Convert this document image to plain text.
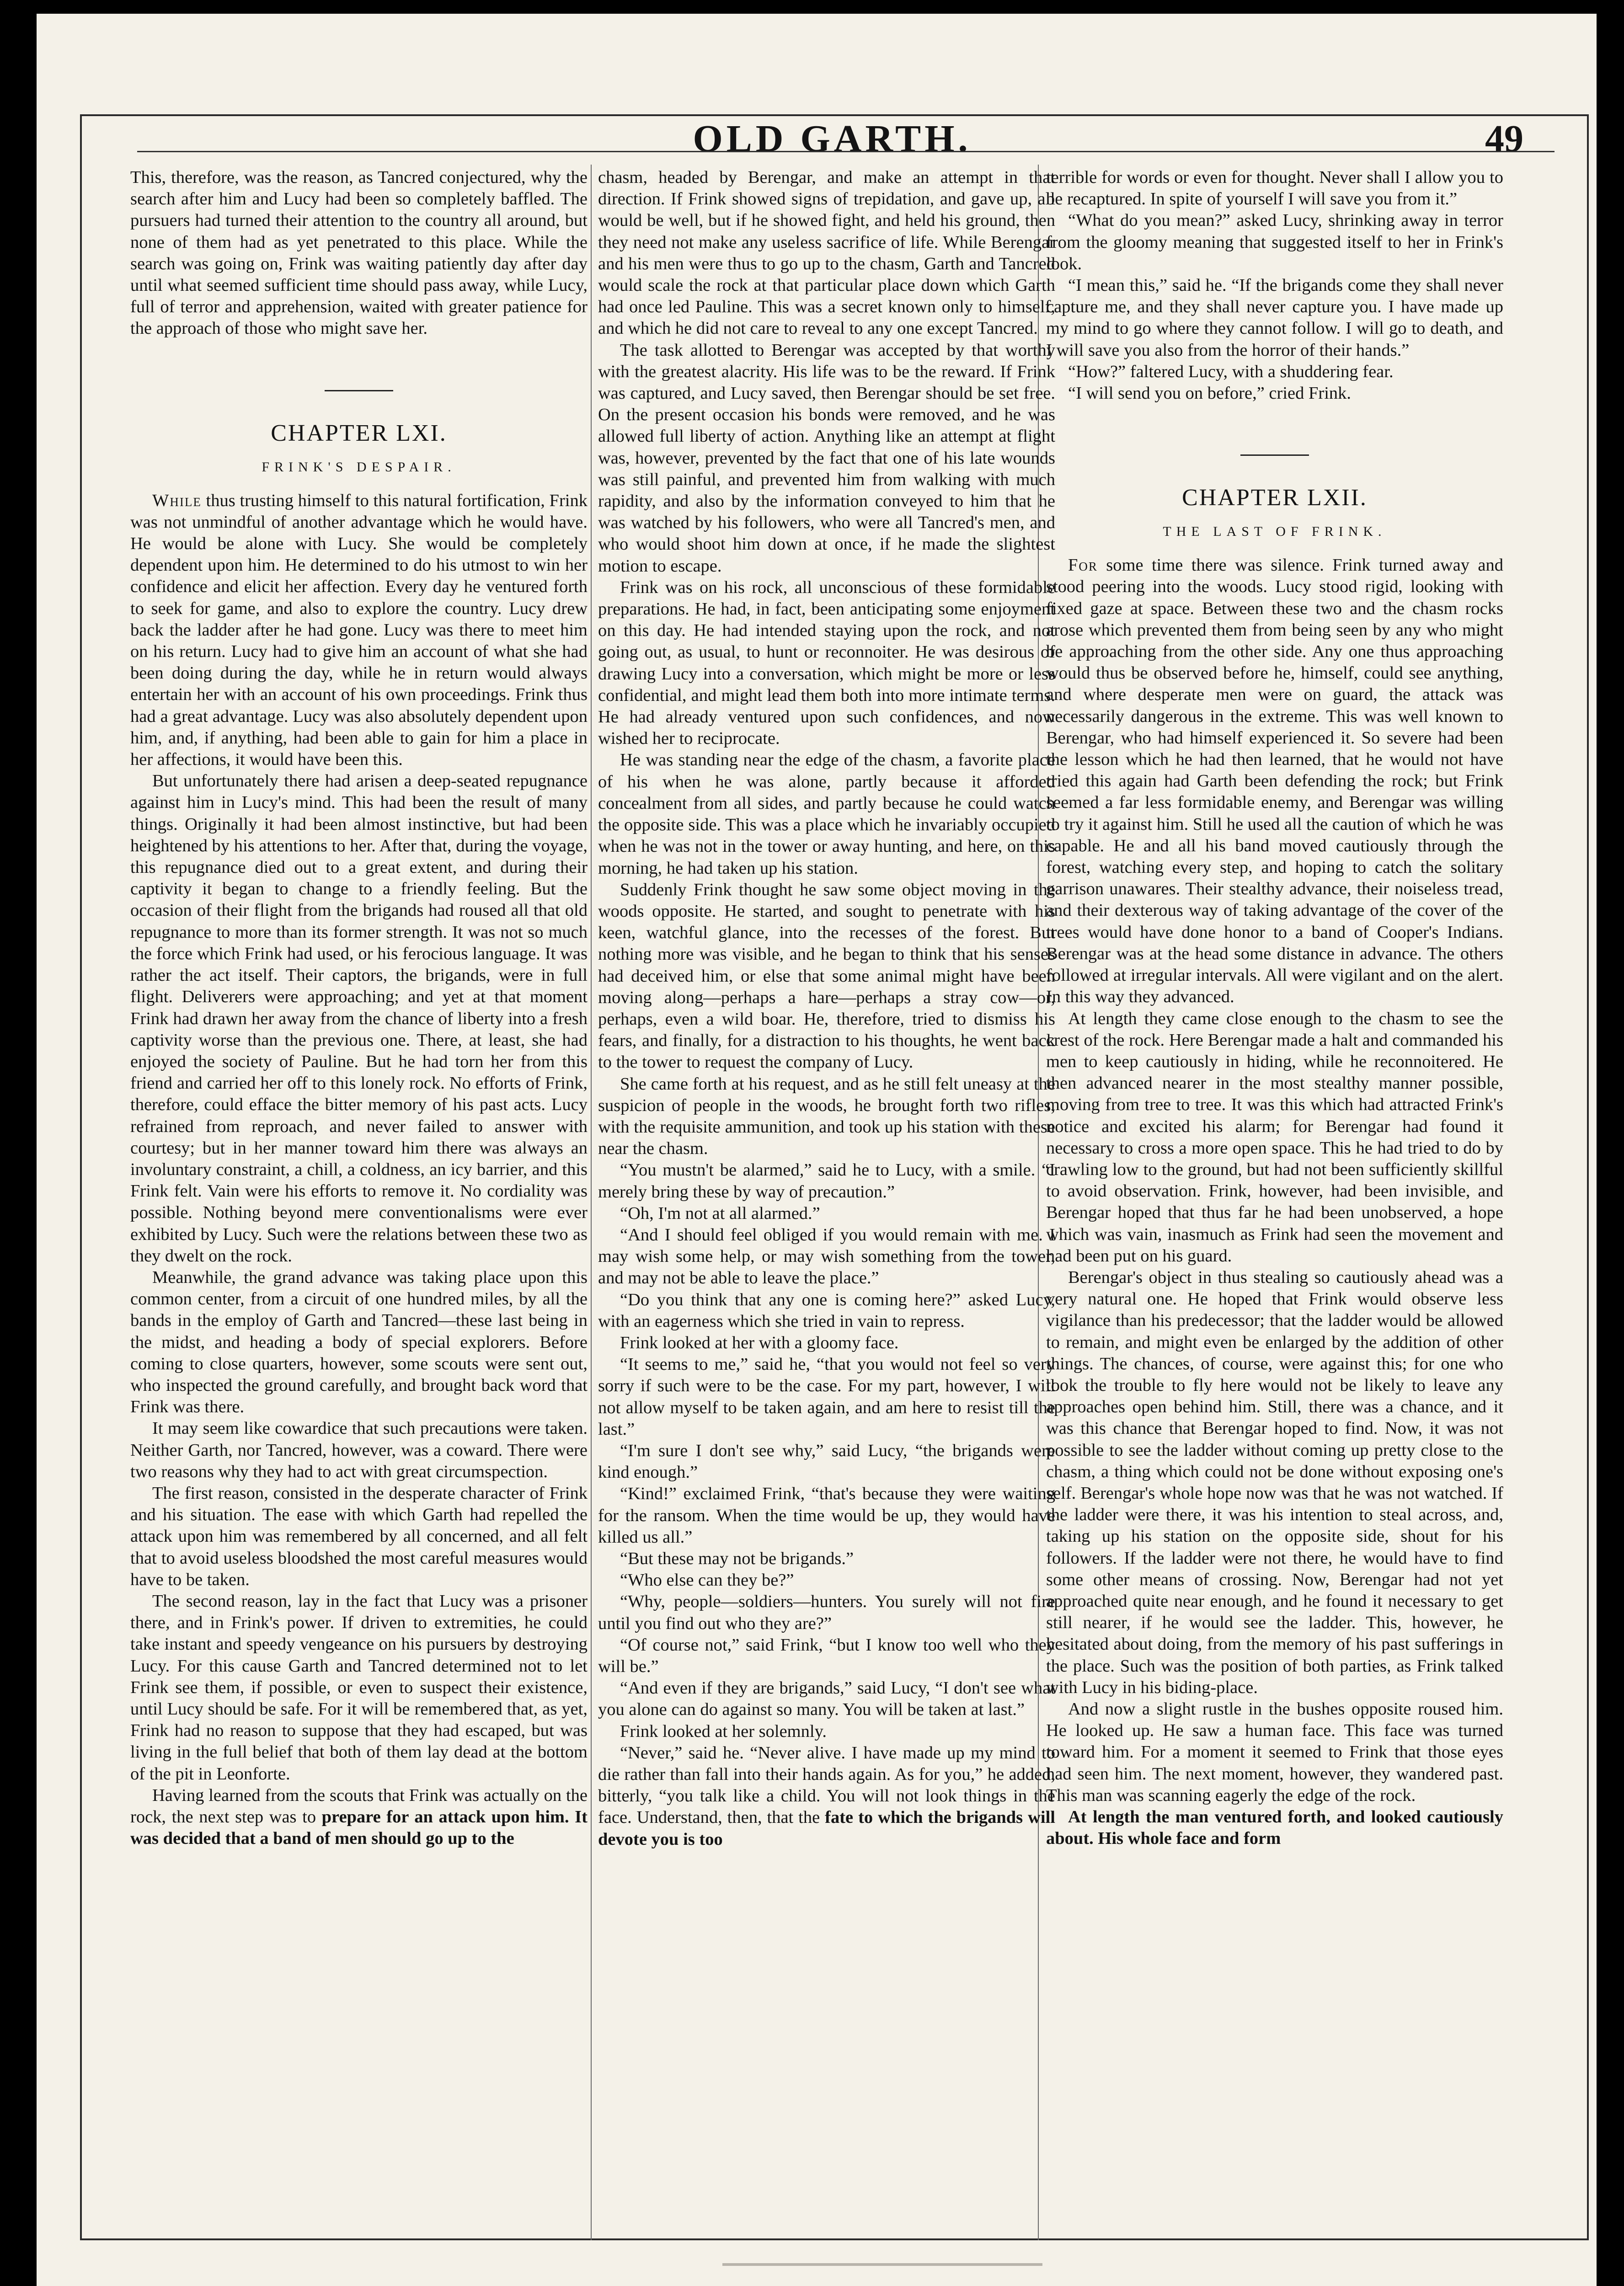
OLD GARTH.	49

This, therefore, was the reason, as Tancred conjectured, why the search after him and Lucy had been so completely baffled. The pursuers had turned their attention to the country all around, but none of them had as yet penetrated to this place. While the search was going on, Frink was waiting patiently day after day until what seemed sufficient time should pass away, while Lucy, full of terror and apprehension, waited with greater patience for the approach of those who might save her.

CHAPTER LXI.
FRINK'S DESPAIR.

While thus trusting himself to this natural fortification, Frink was not unmindful of another advantage which he would have. He would be alone with Lucy. She would be completely dependent upon him. He determined to do his utmost to win her confidence and elicit her affection. Every day he ventured forth to seek for game, and also to explore the country. Lucy drew back the ladder after he had gone. Lucy was there to meet him on his return. Lucy had to give him an account of what she had been doing during the day, while he in return would always entertain her with an account of his own proceedings. Frink thus had a great advantage. Lucy was also absolutely dependent upon him, and, if anything, had been able to gain for him a place in her affections, it would have been this.

But unfortunately there had arisen a deep-seated repugnance against him in Lucy's mind. This had been the result of many things. Originally it had been almost instinctive, but had been heightened by his attentions to her. After that, during the voyage, this repugnance died out to a great extent, and during their captivity it began to change to a friendly feeling. But the occasion of their flight from the brigands had roused all that old repugnance to more than its former strength. It was not so much the force which Frink had used, or his ferocious language. It was rather the act itself. Their captors, the brigands, were in full flight. Deliverers were approaching; and yet at that moment Frink had drawn her away from the chance of liberty into a fresh captivity worse than the previous one. There, at least, she had enjoyed the society of Pauline. But he had torn her from this friend and carried her off to this lonely rock. No efforts of Frink, therefore, could efface the bitter memory of his past acts. Lucy refrained from reproach, and never failed to answer with courtesy; but in her manner toward him there was always an involuntary constraint, a chill, a coldness, an icy barrier, and this Frink felt. Vain were his efforts to remove it. No cordiality was possible. Nothing beyond mere conventionalisms were ever exhibited by Lucy. Such were the relations between these two as they dwelt on the rock.

Meanwhile, the grand advance was taking place upon this common center, from a circuit of one hundred miles, by all the bands in the employ of Garth and Tancred—these last being in the midst, and heading a body of special explorers. Before coming to close quarters, however, some scouts were sent out, who inspected the ground carefully, and brought back word that Frink was there.

It may seem like cowardice that such precautions were taken. Neither Garth, nor Tancred, however, was a coward. There were two reasons why they had to act with great circumspection.

The first reason, consisted in the desperate character of Frink and his situation. The ease with which Garth had repelled the attack upon him was remembered by all concerned, and all felt that to avoid useless bloodshed the most careful measures would have to be taken.

The second reason, lay in the fact that Lucy was a prisoner there, and in Frink's power. If driven to extremities, he could take instant and speedy vengeance on his pursuers by destroying Lucy. For this cause Garth and Tancred determined not to let Frink see them, if possible, or even to suspect their existence, until Lucy should be safe. For it will be remembered that, as yet, Frink had no reason to suppose that they had escaped, but was living in the full belief that both of them lay dead at the bottom of the pit in Leonforte.

Having learned from the scouts that Frink was actually on the rock, the next step was to prepare for an attack upon him. It was decided that a band of men should go up to the

chasm, headed by Berengar, and make an attempt in that direction. If Frink showed signs of trepidation, and gave up, all would be well, but if he showed fight, and held his ground, then they need not make any useless sacrifice of life. While Berengar and his men were thus to go up to the chasm, Garth and Tancred would scale the rock at that particular place down which Garth had once led Pauline. This was a secret known only to himself, and which he did not care to reveal to any one except Tancred.

The task allotted to Berengar was accepted by that worthy with the greatest alacrity. His life was to be the reward. If Frink was captured, and Lucy saved, then Berengar should be set free. On the present occasion his bonds were removed, and he was allowed full liberty of action. Anything like an attempt at flight was, however, prevented by the fact that one of his late wounds was still painful, and prevented him from walking with much rapidity, and also by the information conveyed to him that he was watched by his followers, who were all Tancred's men, and who would shoot him down at once, if he made the slightest motion to escape.

Frink was on his rock, all unconscious of these formidable preparations. He had, in fact, been anticipating some enjoyment on this day. He had intended staying upon the rock, and not going out, as usual, to hunt or reconnoiter. He was desirous of drawing Lucy into a conversation, which might be more or less confidential, and might lead them both into more intimate terms. He had already ventured upon such confidences, and now wished her to reciprocate.

He was standing near the edge of the chasm, a favorite place of his when he was alone, partly because it afforded concealment from all sides, and partly because he could watch the opposite side. This was a place which he invariably occupied when he was not in the tower or away hunting, and here, on this morning, he had taken up his station.

Suddenly Frink thought he saw some object moving in the woods opposite. He started, and sought to penetrate with his keen, watchful glance, into the recesses of the forest. But nothing more was visible, and he began to think that his senses had deceived him, or else that some animal might have been moving along—perhaps a hare—perhaps a stray cow—or, perhaps, even a wild boar. He, therefore, tried to dismiss his fears, and finally, for a distraction to his thoughts, he went back to the tower to request the company of Lucy.

She came forth at his request, and as he still felt uneasy at the suspicion of people in the woods, he brought forth two rifles, with the requisite ammunition, and took up his station with these near the chasm.

“You mustn't be alarmed,” said he to Lucy, with a smile. “I merely bring these by way of precaution.”

“Oh, I'm not at all alarmed.”

“And I should feel obliged if you would remain with me. I may wish some help, or may wish something from the tower, and may not be able to leave the place.”

“Do you think that any one is coming here?” asked Lucy, with an eagerness which she tried in vain to repress.

Frink looked at her with a gloomy face.

“It seems to me,” said he, “that you would not feel so very sorry if such were to be the case. For my part, however, I will not allow myself to be taken again, and am here to resist till the last.”

“I'm sure I don't see why,” said Lucy, “the brigands were kind enough.”

“Kind!” exclaimed Frink, “that's because they were waiting for the ransom. When the time would be up, they would have killed us all.”

“But these may not be brigands.”

“Who else can they be?”

“Why, people—soldiers—hunters. You surely will not fire until you find out who they are?”

“Of course not,” said Frink, “but I know too well who they will be.”

“And even if they are brigands,” said Lucy, “I don't see what you alone can do against so many. You will be taken at last.”

Frink looked at her solemnly.

“Never,” said he. “Never alive. I have made up my mind to die rather than fall into their hands again. As for you,” he added, bitterly, “you talk like a child. You will not look things in the face. Understand, then, that the fate to which the brigands will devote you is too

terrible for words or even for thought. Never shall I allow you to be recaptured. In spite of yourself I will save you from it.”

“What do you mean?” asked Lucy, shrinking away in terror from the gloomy meaning that suggested itself to her in Frink's look.

“I mean this,” said he. “If the brigands come they shall never capture me, and they shall never capture you. I have made up my mind to go where they cannot follow. I will go to death, and I will save you also from the horror of their hands.”

“How?” faltered Lucy, with a shuddering fear.

“I will send you on before,” cried Frink.

CHAPTER LXII.
THE LAST OF FRINK.

For some time there was silence. Frink turned away and stood peering into the woods. Lucy stood rigid, looking with fixed gaze at space. Between these two and the chasm rocks arose which prevented them from being seen by any who might be approaching from the other side. Any one thus approaching would thus be observed before he, himself, could see anything, and where desperate men were on guard, the attack was necessarily dangerous in the extreme. This was well known to Berengar, who had himself experienced it. So severe had been the lesson which he had then learned, that he would not have tried this again had Garth been defending the rock; but Frink seemed a far less formidable enemy, and Berengar was willing to try it against him. Still he used all the caution of which he was capable. He and all his band moved cautiously through the forest, watching every step, and hoping to catch the solitary garrison unawares. Their stealthy advance, their noiseless tread, and their dexterous way of taking advantage of the cover of the trees would have done honor to a band of Cooper's Indians. Berengar was at the head some distance in advance. The others followed at irregular intervals. All were vigilant and on the alert. In this way they advanced.

At length they came close enough to the chasm to see the crest of the rock. Here Berengar made a halt and commanded his men to keep cautiously in hiding, while he reconnoitered. He then advanced nearer in the most stealthy manner possible, moving from tree to tree. It was this which had attracted Frink's notice and excited his alarm; for Berengar had found it necessary to cross a more open space. This he had tried to do by crawling low to the ground, but had not been sufficiently skillful to avoid observation. Frink, however, had been invisible, and Berengar hoped that thus far he had been unobserved, a hope which was vain, inasmuch as Frink had seen the movement and had been put on his guard.

Berengar's object in thus stealing so cautiously ahead was a very natural one. He hoped that Frink would observe less vigilance than his predecessor; that the ladder would be allowed to remain, and might even be enlarged by the addition of other things. The chances, of course, were against this; for one who took the trouble to fly here would not be likely to leave any approaches open behind him. Still, there was a chance, and it was this chance that Berengar hoped to find. Now, it was not possible to see the ladder without coming up pretty close to the chasm, a thing which could not be done without exposing one's self. Berengar's whole hope now was that he was not watched. If the ladder were there, it was his intention to steal across, and, taking up his station on the opposite side, shout for his followers. If the ladder were not there, he would have to find some other means of crossing. Now, Berengar had not yet approached quite near enough, and he found it necessary to get still nearer, if he would see the ladder. This, however, he hesitated about doing, from the memory of his past sufferings in the place. Such was the position of both parties, as Frink talked with Lucy in his biding-place.

And now a slight rustle in the bushes opposite roused him. He looked up. He saw a human face. This face was turned toward him. For a moment it seemed to Frink that those eyes had seen him. The next moment, however, they wandered past. This man was scanning eagerly the edge of the rock.

At length the man ventured forth, and looked cautiously about. His whole face and form
